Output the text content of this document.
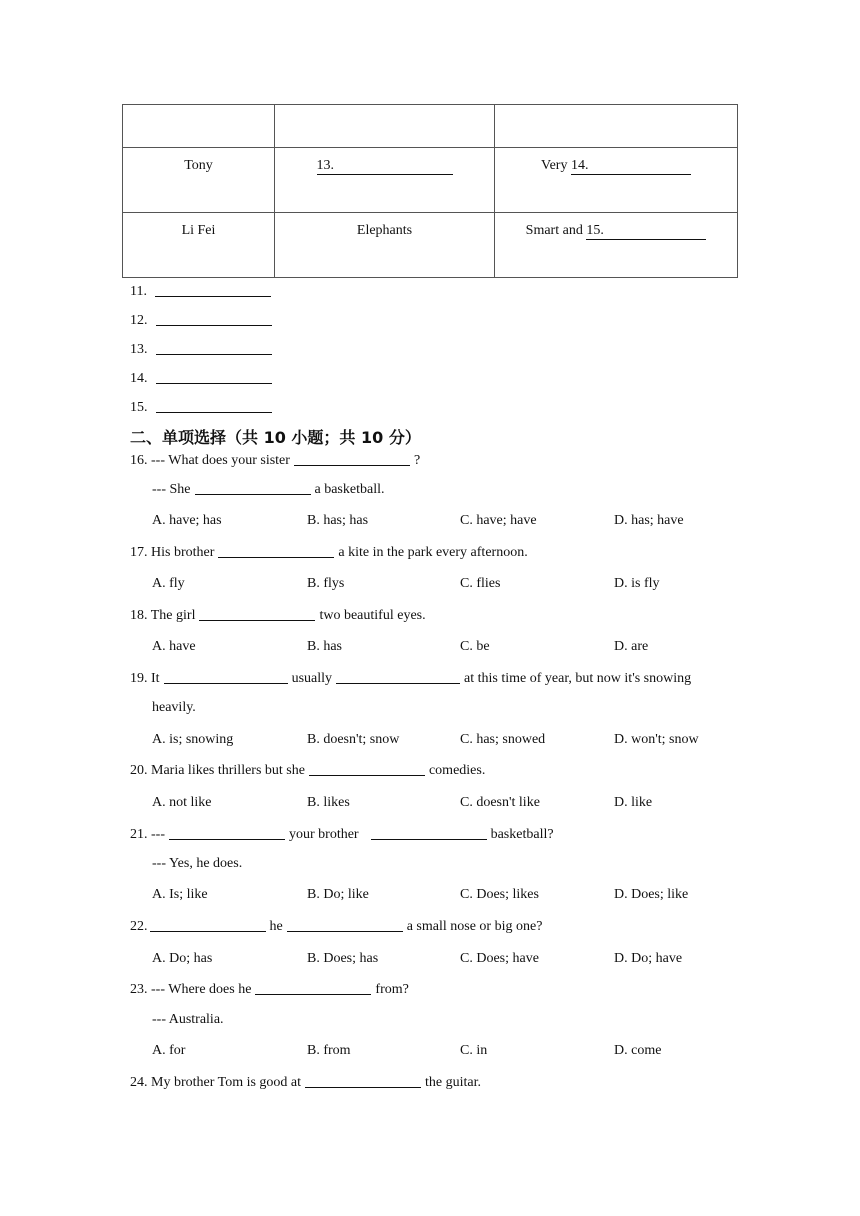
Tony	13.	Very 14.
Li Fei	Elephants	Smart and 15.
11.
12.
13.
14.
15.
二、单项选择（共 10 小题；共 10 分）
16. --- What does your sister	?
--- She	a basketball.
A. have; has	B. has; has	C. have; have	D. has; have
17. His brother	a kite in the park every afternoon.
A. fly	B. flys	C. flies	D. is fly
18. The girl	two beautiful eyes.
A. have	B. has	C. be	D. are
19. It	usually	at this time of year, but now it's snowing
heavily.
A. is; snowing	B. doesn't; snow	C. has; snowed	D. won't; snow
20. Maria likes thrillers but she	comedies.
A. not like	B. likes	C. doesn't like	D. like
21. ---	your brother	basketball?
--- Yes, he does.
A. Is; like	B. Do; like	C. Does; likes	D. Does; like
22.	he	a small nose or big one?
A. Do; has	B. Does; has	C. Does; have	D. Do; have
23. --- Where does he	from?
--- Australia.
A. for	B. from	C. in	D. come
24. My brother Tom is good at	the guitar.
